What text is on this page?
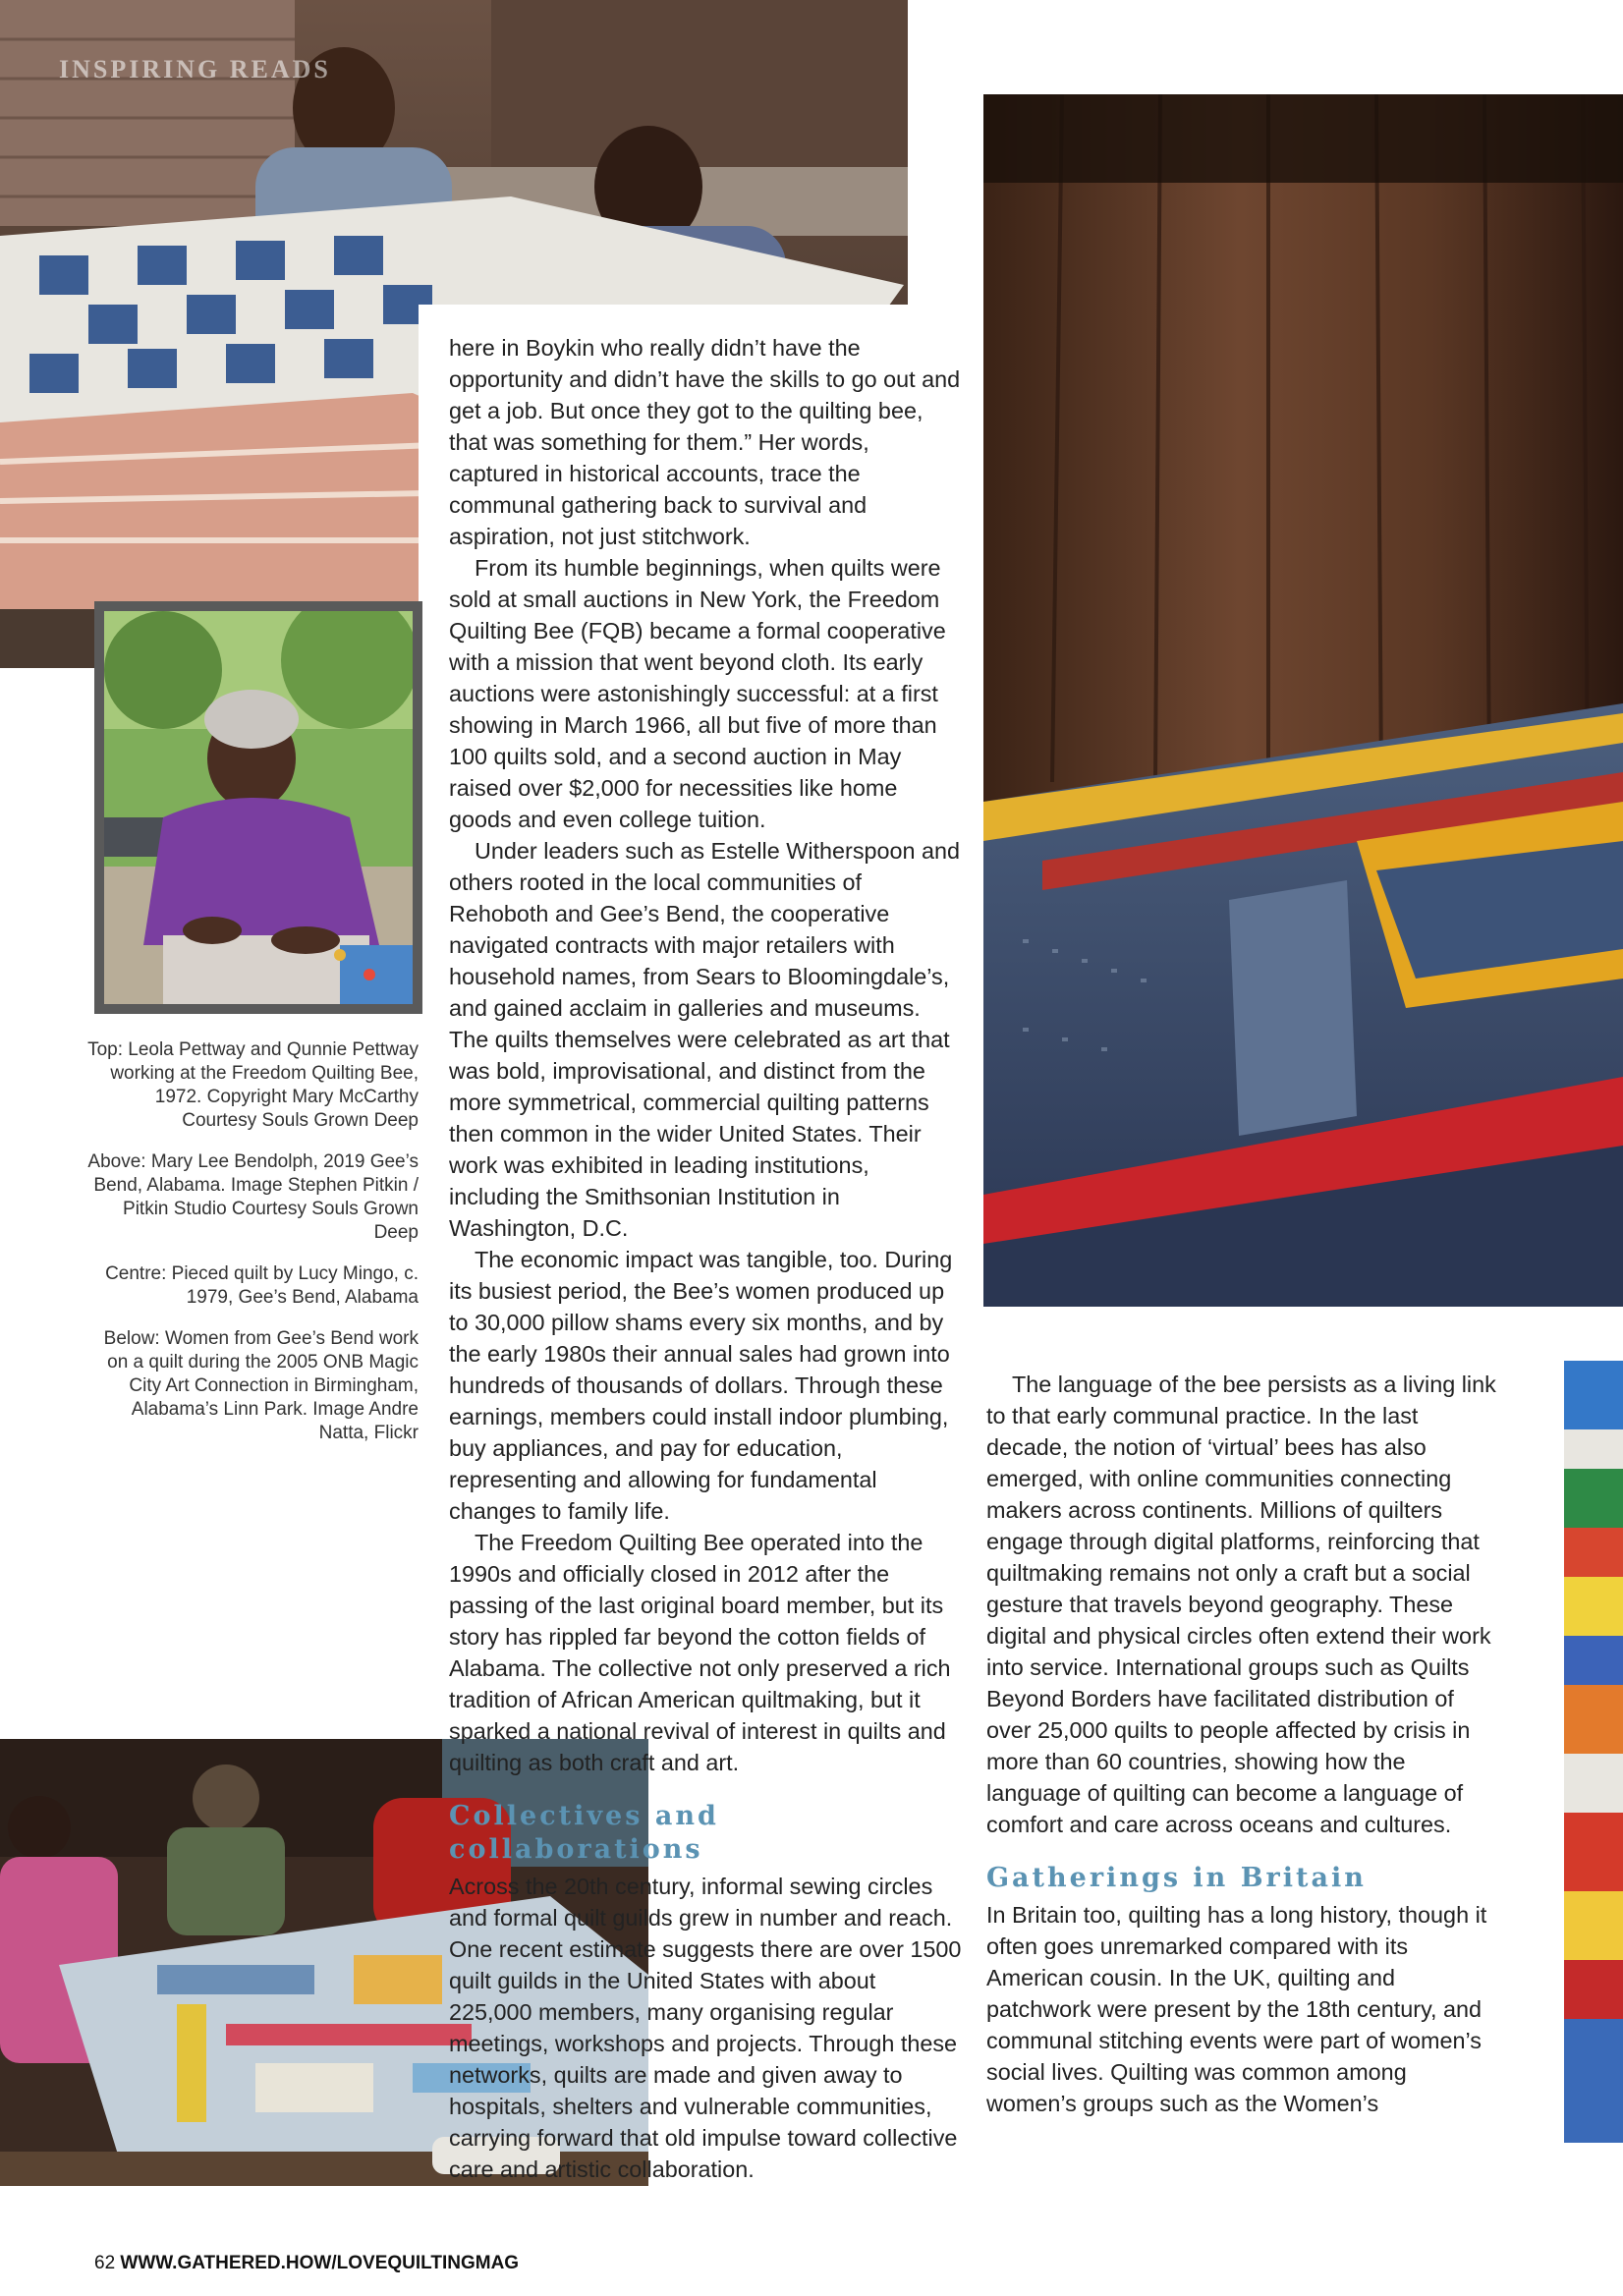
INSPIRING READS

Top: Leola Pettway and Qunnie Pettway working at the Freedom Quilting Bee, 1972. Copyright Mary McCarthy Courtesy Souls Grown Deep

Above: Mary Lee Bendolph, 2019 Gee’s Bend, Alabama. Image Stephen Pitkin / Pitkin Studio Courtesy Souls Grown Deep

Centre: Pieced quilt by Lucy Mingo, c. 1979, Gee’s Bend, Alabama

Below: Women from Gee’s Bend work on a quilt during the 2005 ONB Magic City Art Connection in Birmingham, Alabama’s Linn Park. Image Andre Natta, Flickr

here in Boykin who really didn’t have the opportunity and didn’t have the skills to go out and get a job. But once they got to the quilting bee, that was something for them.” Her words, captured in historical accounts, trace the communal gathering back to survival and aspiration, not just stitchwork.

From its humble beginnings, when quilts were sold at small auctions in New York, the Freedom Quilting Bee (FQB) became a formal cooperative with a mission that went beyond cloth. Its early auctions were astonishingly successful: at a first showing in March 1966, all but five of more than 100 quilts sold, and a second auction in May raised over $2,000 for necessities like home goods and even college tuition.

Under leaders such as Estelle Witherspoon and others rooted in the local communities of Rehoboth and Gee’s Bend, the cooperative navigated contracts with major retailers with household names, from Sears to Bloomingdale’s, and gained acclaim in galleries and museums. The quilts themselves were celebrated as art that was bold, improvisational, and distinct from the more symmetrical, commercial quilting patterns then common in the wider United States. Their work was exhibited in leading institutions, including the Smithsonian Institution in Washington, D.C.

The economic impact was tangible, too. During its busiest period, the Bee’s women produced up to 30,000 pillow shams every six months, and by the early 1980s their annual sales had grown into hundreds of thousands of dollars. Through these earnings, members could install indoor plumbing, buy appliances, and pay for education, representing and allowing for fundamental changes to family life.

The Freedom Quilting Bee operated into the 1990s and officially closed in 2012 after the passing of the last original board member, but its story has rippled far beyond the cotton fields of Alabama. The collective not only preserved a rich tradition of African American quiltmaking, but it sparked a national revival of interest in quilts and quilting as both craft and art.

Collectives and collaborations

Across the 20th century, informal sewing circles and formal quilt guilds grew in number and reach. One recent estimate suggests there are over 1500 quilt guilds in the United States with about 225,000 members, many organising regular meetings, workshops and projects. Through these networks, quilts are made and given away to hospitals, shelters and vulnerable communities, carrying forward that old impulse toward collective care and artistic collaboration.

The language of the bee persists as a living link to that early communal practice. In the last decade, the notion of ‘virtual’ bees has also emerged, with online communities connecting makers across continents. Millions of quilters engage through digital platforms, reinforcing that quiltmaking remains not only a craft but a social gesture that travels beyond geography. These digital and physical circles often extend their work into service. International groups such as Quilts Beyond Borders have facilitated distribution of over 25,000 quilts to people affected by crisis in more than 60 countries, showing how the language of quilting can become a language of comfort and care across oceans and cultures.

Gatherings in Britain

In Britain too, quilting has a long history, though it often goes unremarked compared with its American cousin. In the UK, quilting and patchwork were present by the 18th century, and communal stitching events were part of women’s social lives. Quilting was common among women’s groups such as the Women’s

62 WWW.GATHERED.HOW/LOVEQUILTINGMAG
